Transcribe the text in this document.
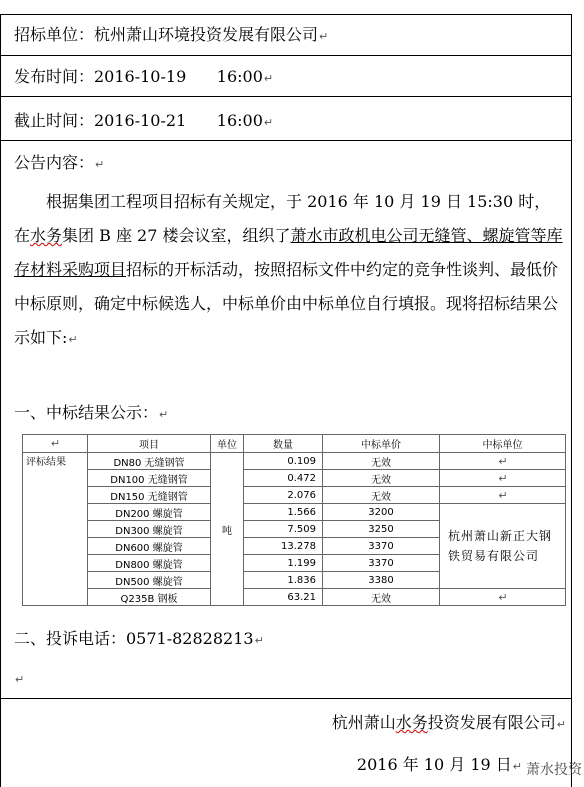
招标单位：杭州萧山环境投资发展有限公司↵
发布时间：2016-10-19      16:00↵
截止时间：2016-10-21      16:00↵
公告内容：↵
根据集团工程项目招标有关规定，于 2016 年 10 月 19 日 15:30 时，在水务集团 B 座 27 楼会议室，组织了萧水市政机电公司无缝管、螺旋管等库存材料采购项目招标的开标活动，按照招标文件中约定的竞争性谈判、最低价中标原则，确定中标候选人，中标单价由中标单位自行填报。现将招标结果公示如下:↵
一、中标结果公示：↵
↵	项目	单位	数量	中标单价	中标单位
评标结果	DN80 无缝钢管	吨	0.109	无效	↵
	DN100 无缝钢管		0.472	无效	↵
	DN150 无缝钢管		2.076	无效	↵
	DN200 螺旋管		1.566	3200	杭州萧山新正大钢铁贸易有限公司
	DN300 螺旋管		7.509	3250	
	DN600 螺旋管		13.278	3370	
	DN800 螺旋管		1.199	3370	
	DN500 螺旋管		1.836	3380	
	Q235B 钢板		63.21	无效	↵
二、投诉电话：0571-82828213↵
↵
杭州萧山水务投资发展有限公司↵
2016 年 10 月 19 日↵ 萧水投资
